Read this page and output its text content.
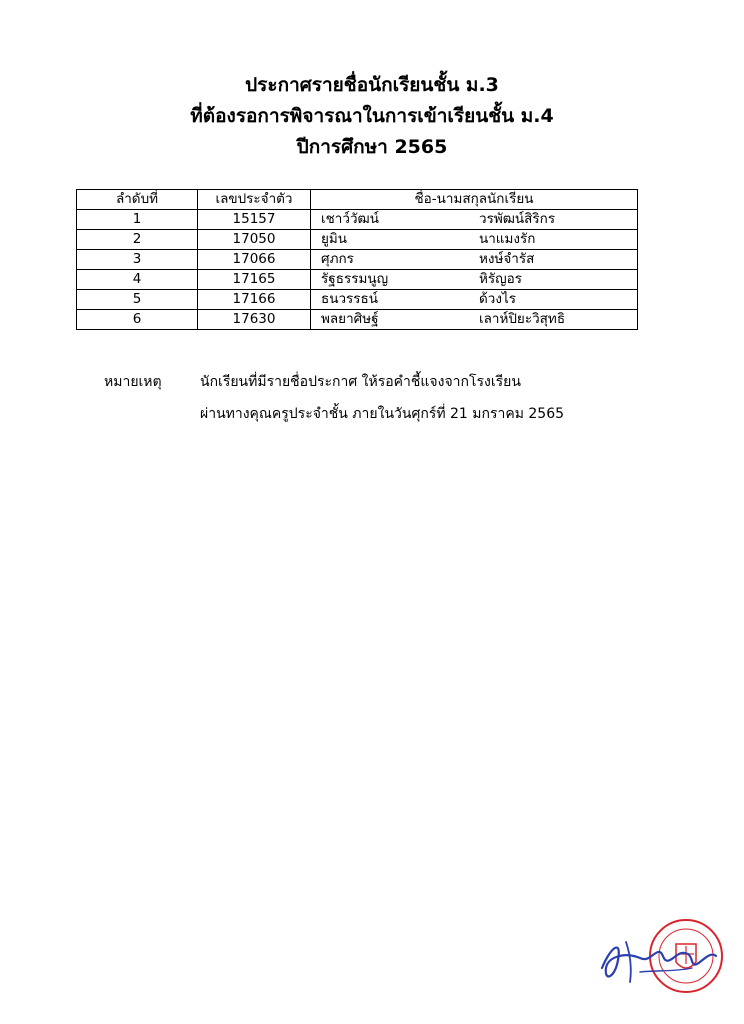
ประกาศรายชื่อนักเรียนชั้น ม.3
ที่ต้องรอการพิจารณาในการเข้าเรียนชั้น ม.4
ปีการศึกษา 2565
ลำดับที่	เลขประจำตัว	ชื่อ-นามสกุลนักเรียน	
1	15157	เชาว์วัฒน์	วรพัฒน์สิริกร
2	17050	ยูมิน	นาแมงรัก
3	17066	ศุภกร	หงษ์จำรัส
4	17165	รัฐธรรมนูญ	หิรัญอร
5	17166	ธนวรรธน์	ด้วงไร
6	17630	พลยาศิษฐ์	เลาห์ปิยะวิสุทธิ
หมายเหตุ	นักเรียนที่มีรายชื่อประกาศ ให้รอคำชี้แจงจากโรงเรียน
ผ่านทางคุณครูประจำชั้น ภายในวันศุกร์ที่ 21 มกราคม 2565
